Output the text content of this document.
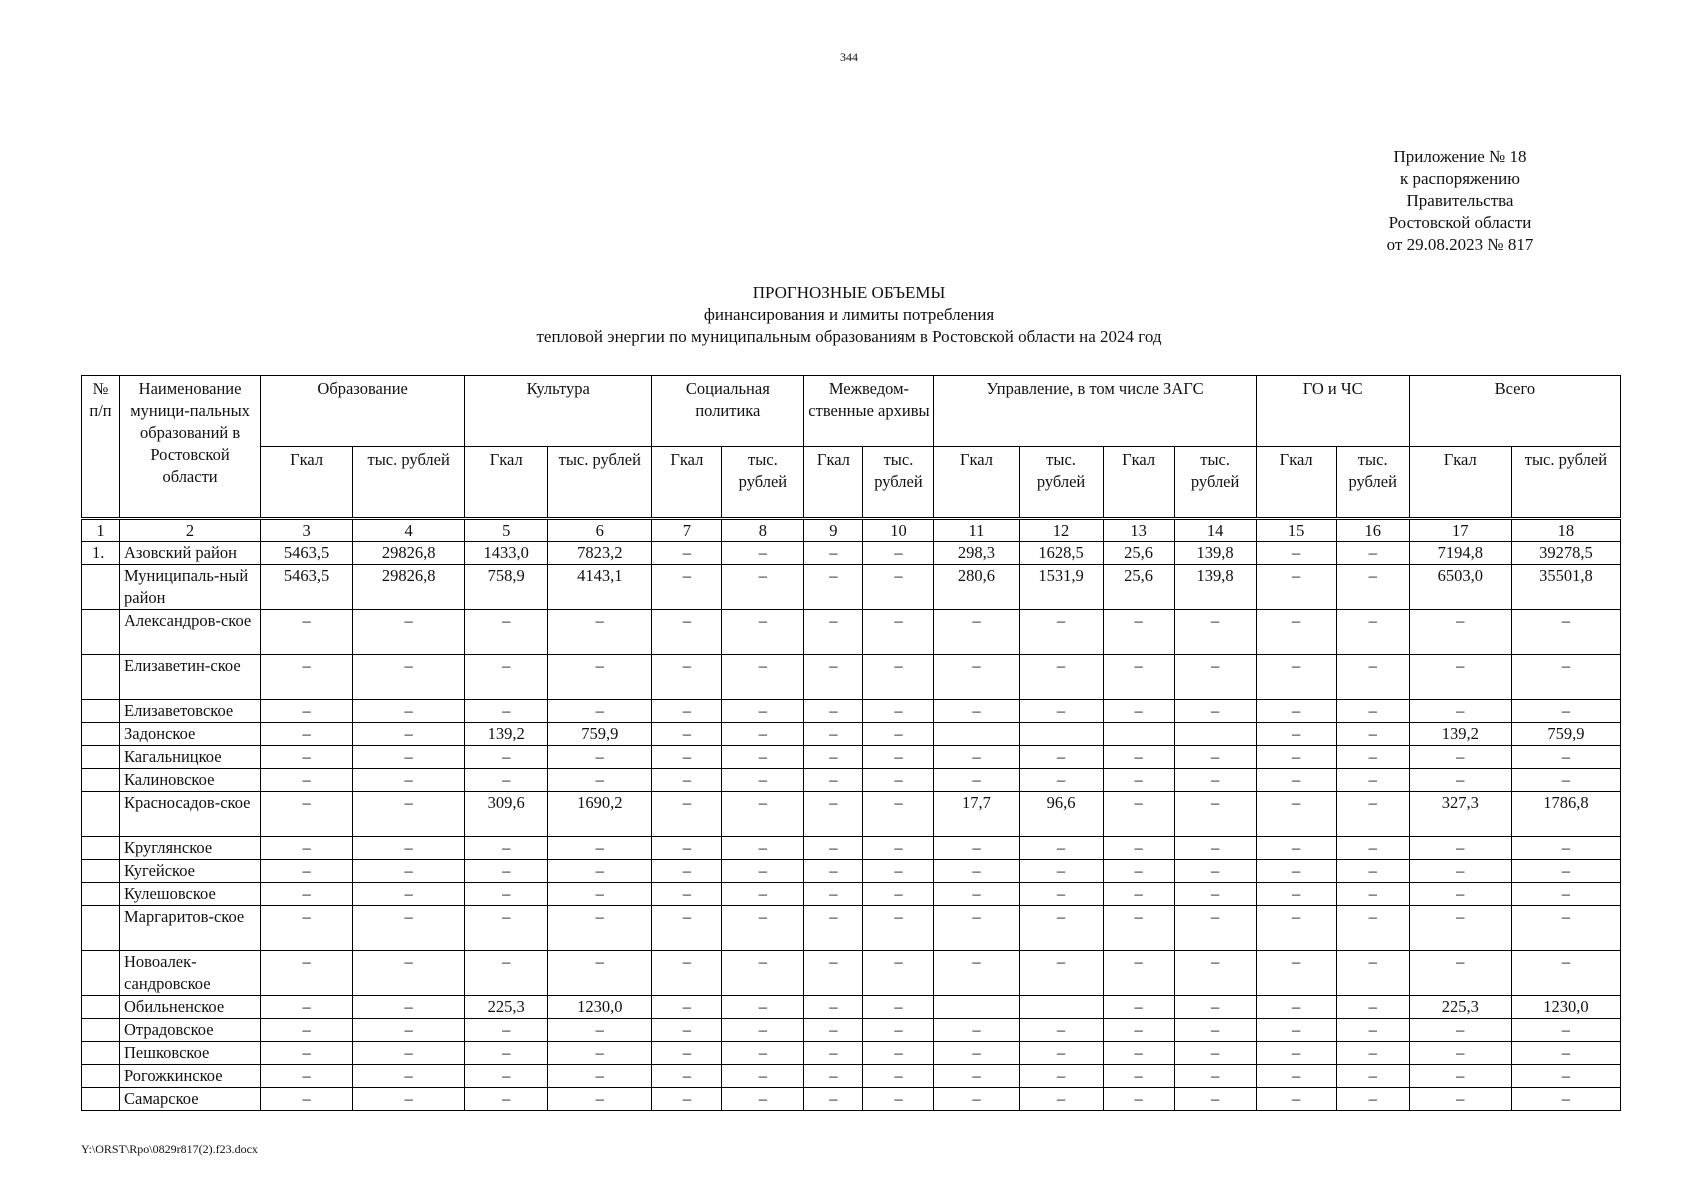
344
Приложение № 18
к распоряжению
Правительства
Ростовской области
от 29.08.2023 № 817
ПРОГНОЗНЫЕ ОБЪЕМЫ
финансирования и лимиты потребления
тепловой энергии по муниципальным образованиям в Ростовской области на 2024 год
№ п/п	Наименование муници-пальных образований в Ростовской области	Образование		Культура		Социальная политика		Межведом-ственные архивы		Управление, в том числе ЗАГС				ГО и ЧС		Всего	
		Гкал	тыс. рублей	Гкал	тыс. рублей	Гкал	тыс. рублей	Гкал	тыс. рублей	Гкал	тыс. рублей	Гкал	тыс. рублей	Гкал	тыс. рублей	Гкал	тыс. рублей
1	2	3	4	5	6	7	8	9	10	11	12	13	14	15	16	17	18
1.	Азовский район	5463,5	29826,8	1433,0	7823,2	–	–	–	–	298,3	1628,5	25,6	139,8	–	–	7194,8	39278,5
	Муниципаль-ный район	5463,5	29826,8	758,9	4143,1	–	–	–	–	280,6	1531,9	25,6	139,8	–	–	6503,0	35501,8
	Александров-ское	–	–	–	–	–	–	–	–	–	–	–	–	–	–	–	–
	Елизаветин-ское	–	–	–	–	–	–	–	–	–	–	–	–	–	–	–	–
	Елизаветовское	–	–	–	–	–	–	–	–	–	–	–	–	–	–	–	–
	Задонское	–	–	139,2	759,9	–	–	–	–					–	–	139,2	759,9
	Кагальницкое	–	–	–	–	–	–	–	–	–	–	–	–	–	–	–	–
	Калиновское	–	–	–	–	–	–	–	–	–	–	–	–	–	–	–	–
	Красносадов-ское	–	–	309,6	1690,2	–	–	–	–	17,7	96,6	–	–	–	–	327,3	1786,8
	Круглянское	–	–	–	–	–	–	–	–	–	–	–	–	–	–	–	–
	Кугейское	–	–	–	–	–	–	–	–	–	–	–	–	–	–	–	–
	Кулешовское	–	–	–	–	–	–	–	–	–	–	–	–	–	–	–	–
	Маргаритов-ское	–	–	–	–	–	–	–	–	–	–	–	–	–	–	–	–
	Новоалек-сандровское	–	–	–	–	–	–	–	–	–	–	–	–	–	–	–	–
	Обильненское	–	–	225,3	1230,0	–	–	–	–			–	–	–	–	225,3	1230,0
	Отрадовское	–	–	–	–	–	–	–	–	–	–	–	–	–	–	–	–
	Пешковское	–	–	–	–	–	–	–	–	–	–	–	–	–	–	–	–
	Рогожкинское	–	–	–	–	–	–	–	–	–	–	–	–	–	–	–	–
	Самарское	–	–	–	–	–	–	–	–	–	–	–	–	–	–	–	–
Y:\ORST\Rpo\0829r817(2).f23.docx
